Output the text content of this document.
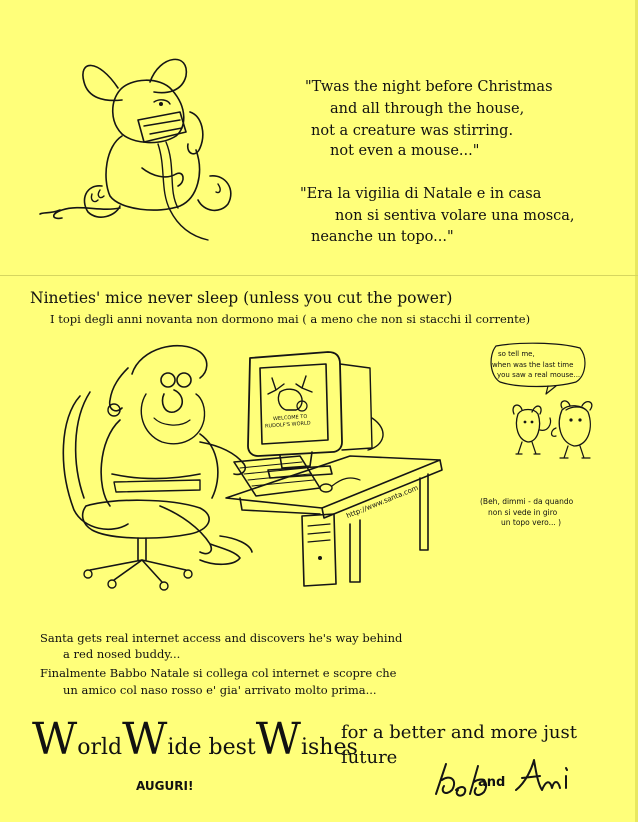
"Twas the night before Christmas
and all through the house,
not a creature was stirring.
not even a mouse..."
"Era la vigilia di Natale e in casa
non si sentiva volare una mosca,
neanche un topo..."
Nineties' mice never sleep (unless you cut the power)
I topi degli anni novanta non dormono mai ( a meno che non si stacchi il corrente)
WELCOME TO
RUDOLF'S WORLD
http://www.santa.com
so tell me,
when was the last time
you saw a real mouse...
(Beh, dimmi - da quando
non si vede in giro
un topo vero... )
Santa gets real internet access and discovers he's way behind
a red nosed buddy...
Finalmente Babbo Natale si collega col internet e scopre che
un amico col naso rosso e' gia' arrivato molto prima...
WorldWide bestWishes
AUGURI!
for a better and more just
future
and
